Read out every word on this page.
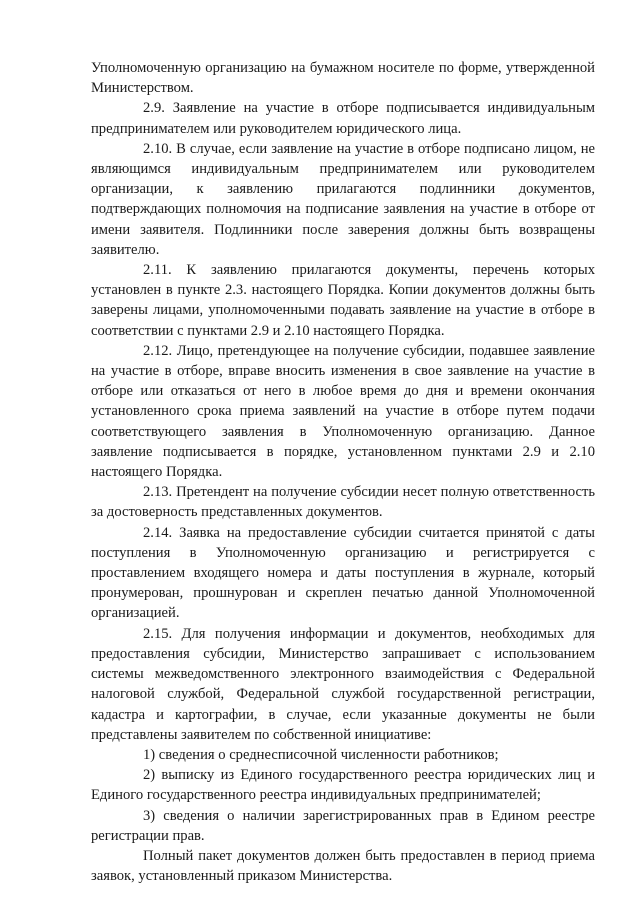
Уполномоченную организацию на бумажном носителе по форме, утвержденной Министерством.

2.9. Заявление на участие в отборе подписывается индивидуальным предпринимателем или руководителем юридического лица.

2.10. В случае, если заявление на участие в отборе подписано лицом, не являющимся индивидуальным предпринимателем или руководителем организации, к заявлению прилагаются подлинники документов, подтверждающих полномочия на подписание заявления на участие в отборе от имени заявителя. Подлинники после заверения должны быть возвращены заявителю.

2.11. К заявлению прилагаются документы, перечень которых установлен в пункте 2.3. настоящего Порядка. Копии документов должны быть заверены лицами, уполномоченными подавать заявление на участие в отборе в соответствии с пунктами 2.9 и 2.10 настоящего Порядка.

2.12. Лицо, претендующее на получение субсидии, подавшее заявление на участие в отборе, вправе вносить изменения в свое заявление на участие в отборе или отказаться от него в любое время до дня и времени окончания установленного срока приема заявлений на участие в отборе путем подачи соответствующего заявления в Уполномоченную организацию. Данное заявление подписывается в порядке, установленном пунктами 2.9 и 2.10 настоящего Порядка.

2.13. Претендент на получение субсидии несет полную ответственность за достоверность представленных документов.

2.14. Заявка на предоставление субсидии считается принятой с даты поступления в Уполномоченную организацию и регистрируется с проставлением входящего номера и даты поступления в журнале, который пронумерован, прошнурован и скреплен печатью данной Уполномоченной организацией.

2.15. Для получения информации и документов, необходимых для предоставления субсидии, Министерство запрашивает с использованием системы межведомственного электронного взаимодействия с Федеральной налоговой службой, Федеральной службой государственной регистрации, кадастра и картографии, в случае, если указанные документы не были представлены заявителем по собственной инициативе:

1) сведения о среднесписочной численности работников;

2) выписку из Единого государственного реестра юридических лиц и Единого государственного реестра индивидуальных предпринимателей;

3) сведения о наличии зарегистрированных прав в Едином реестре регистрации прав.

Полный пакет документов должен быть предоставлен в период приема заявок, установленный приказом Министерства.
